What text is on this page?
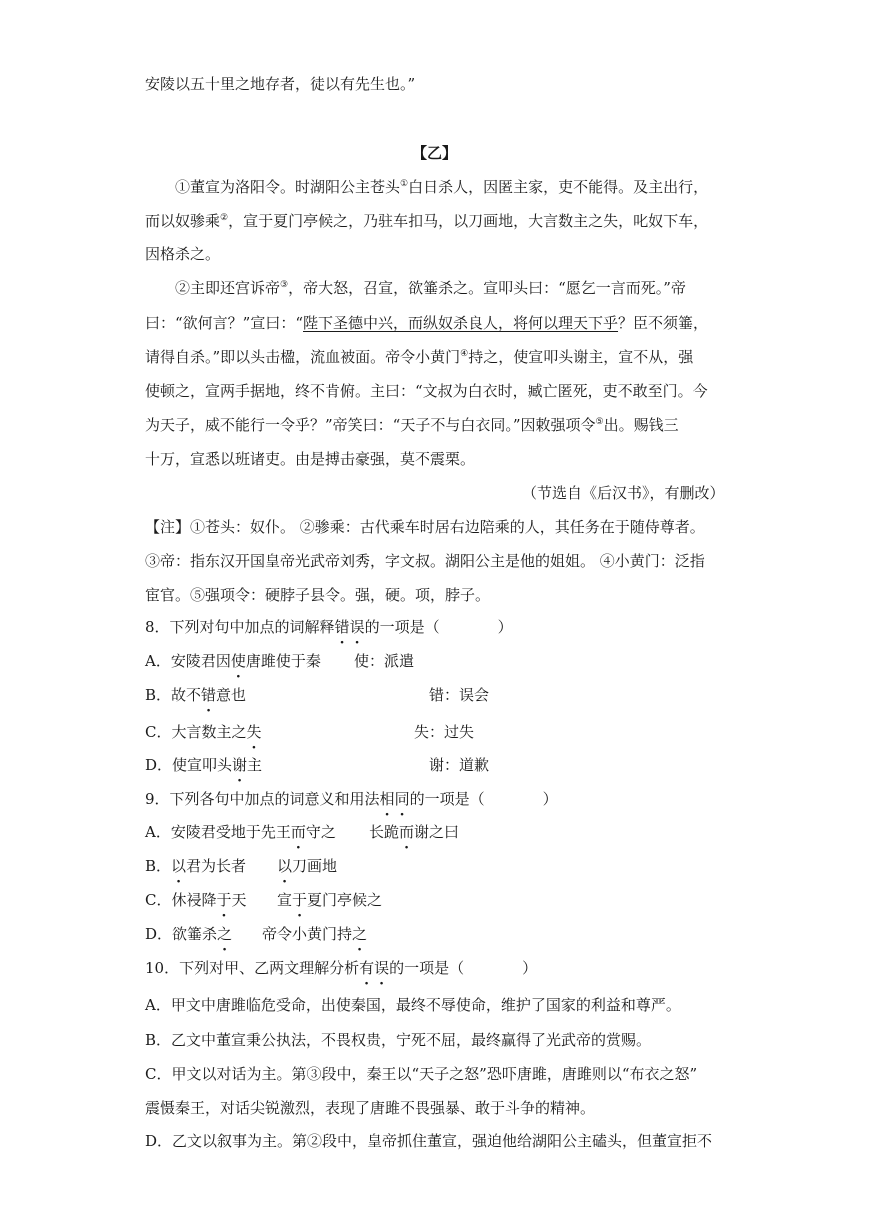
安陵以五十里之地存者，徒以有先生也。”
【乙】
①董宣为洛阳令。时湖阳公主苍头①白日杀人，因匿主家，吏不能得。及主出行，
而以奴骖乘②，宣于夏门亭候之，乃驻车扣马，以刀画地，大言数主之失，叱奴下车，
因格杀之。
②主即还宫诉帝③，帝大怒，召宣，欲箠杀之。宣叩头曰：“愿乞一言而死。”帝
曰：“欲何言？”宣曰：“陛下圣德中兴，而纵奴杀良人，将何以理天下乎？臣不须箠，
请得自杀。”即以头击楹，流血被面。帝令小黄门④持之，使宣叩头谢主，宣不从，强
使顿之，宣两手据地，终不肯俯。主曰：“文叔为白衣时，臧亡匿死，吏不敢至门。今
为天子，威不能行一令乎？”帝笑曰：“天子不与白衣同。”因敕强项令⑤出。赐钱三
十万，宣悉以班诸吏。由是搏击豪强，莫不震栗。
（节选自《后汉书》，有删改）
【注】①苍头：奴仆。 ②骖乘：古代乘车时居右边陪乘的人，其任务在于随侍尊者。
③帝：指东汉开国皇帝光武帝刘秀，字文叔。湖阳公主是他的姐姐。 ④小黄门：泛指
宦官。⑤强项令：硬脖子县令。强，硬。项，脖子。
8．下列对句中加点的词解释错误的一项是（	）
A．安陵君因使唐雎使于秦 使：派遣
B．故不错意也	错：误会
C．大言数主之失	失：过失
D．使宣叩头谢主	谢：道歉
9．下列各句中加点的词意义和用法相同的一项是（	）
A．安陵君受地于先王而守之 长跪而谢之曰
B．以君为长者 以刀画地
C．休祲降于天 宣于夏门亭候之
D．欲箠杀之 帝令小黄门持之
10．下列对甲、乙两文理解分析有误的一项是（	）
A．甲文中唐雎临危受命，出使秦国，最终不辱使命，维护了国家的利益和尊严。
B．乙文中董宣秉公执法，不畏权贵，宁死不屈，最终赢得了光武帝的赏赐。
C．甲文以对话为主。第③段中，秦王以“天子之怒”恐吓唐雎，唐雎则以“布衣之怒”
震慑秦王，对话尖锐激烈，表现了唐雎不畏强暴、敢于斗争的精神。
D．乙文以叙事为主。第②段中，皇帝抓住董宣，强迫他给湖阳公主磕头，但董宣拒不
